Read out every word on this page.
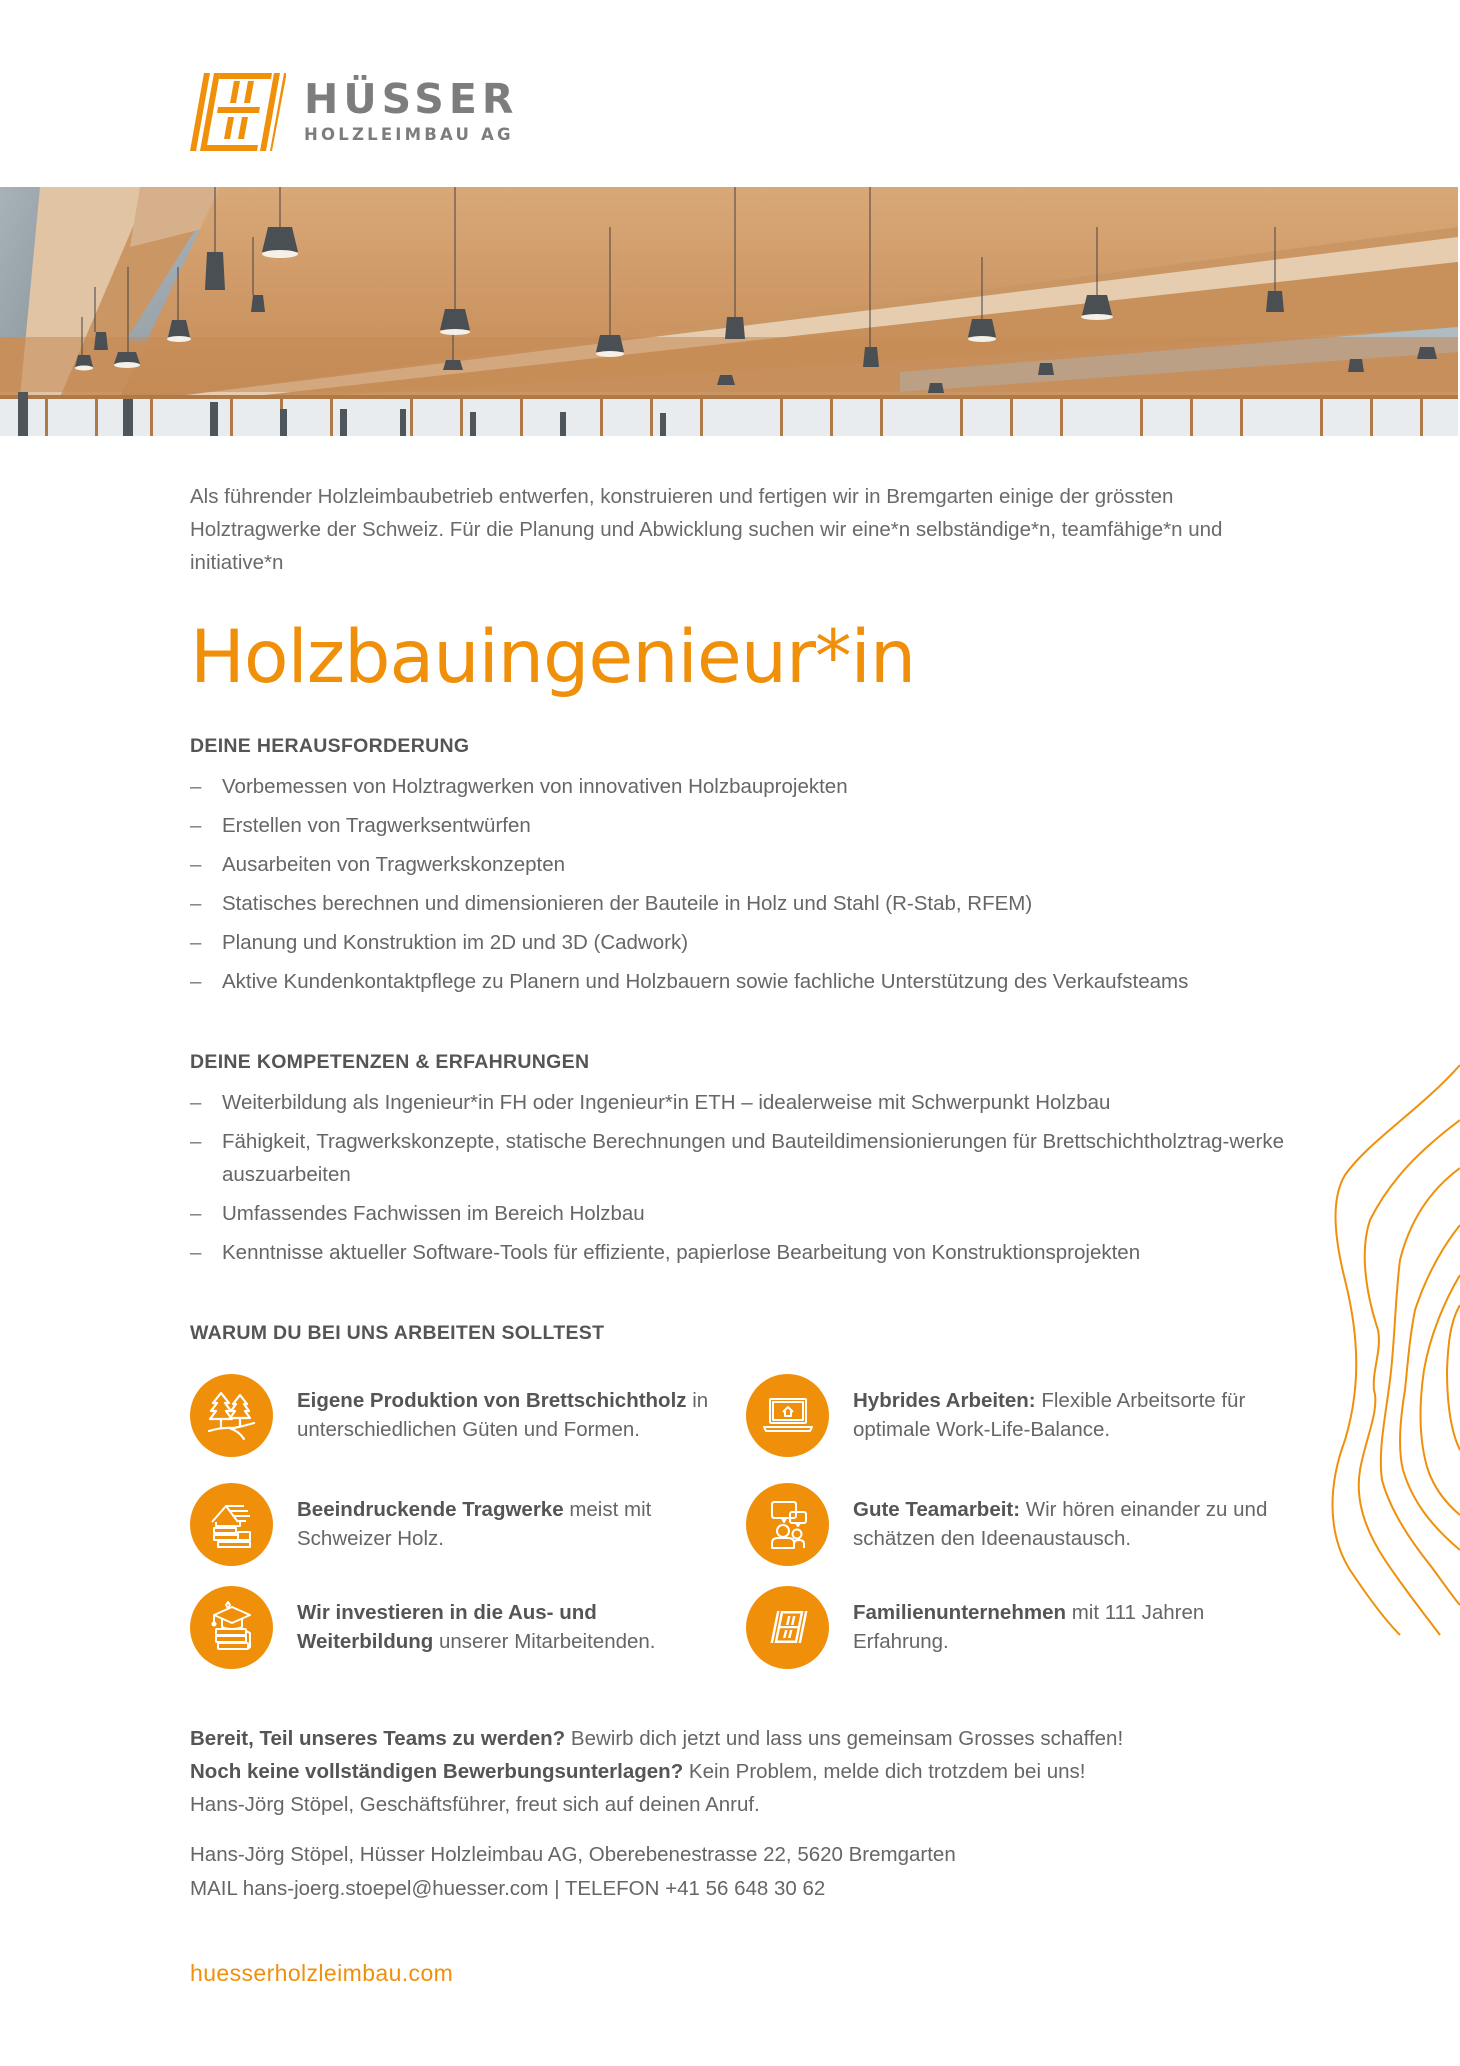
HÜSSER
HOLZLEIMBAU AG

Als führender Holzleimbaubetrieb entwerfen, konstruieren und fertigen wir in Bremgarten einige der grössten Holztragwerke der Schweiz. Für die Planung und Abwicklung suchen wir eine*n selbständige*n, teamfähige*n und initiative*n

Holzbauingenieur*in
DEINE HERAUSFORDERUNG
– Vorbemessen von Holztragwerken von innovativen Holzbauprojekten
– Erstellen von Tragwerksentwürfen
– Ausarbeiten von Tragwerkskonzepten
– Statisches berechnen und dimensionieren der Bauteile in Holz und Stahl (R-Stab, RFEM)
– Planung und Konstruktion im 2D und 3D (Cadwork)
– Aktive Kundenkontaktpflege zu Planern und Holzbauern sowie fachliche Unterstützung des Verkaufsteams
DEINE KOMPETENZEN & ERFAHRUNGEN
– Weiterbildung als Ingenieur*in FH oder Ingenieur*in ETH – idealerweise mit Schwerpunkt Holzbau
– Fähigkeit, Tragwerkskonzepte, statische Berechnungen und Bauteildimensionierungen für Brettschichtholztrag-werke auszuarbeiten
– Umfassendes Fachwissen im Bereich Holzbau
– Kenntnisse aktueller Software-Tools für effiziente, papierlose Bearbeitung von Konstruktionsprojekten
WARUM DU BEI UNS ARBEITEN SOLLTEST
Eigene Produktion von Brettschichtholz in unterschiedlichen Güten und Formen.
Hybrides Arbeiten: Flexible Arbeitsorte für optimale Work-Life-Balance.
Beeindruckende Tragwerke meist mit Schweizer Holz.
Gute Teamarbeit: Wir hören einander zu und schätzen den Ideenaustausch.
Wir investieren in die Aus- und Weiterbildung unserer Mitarbeitenden.
Familienunternehmen mit 111 Jahren Erfahrung.
Bereit, Teil unseres Teams zu werden? Bewirb dich jetzt und lass uns gemeinsam Grosses schaffen!
Noch keine vollständigen Bewerbungsunterlagen? Kein Problem, melde dich trotzdem bei uns!
Hans-Jörg Stöpel, Geschäftsführer, freut sich auf deinen Anruf.
Hans-Jörg Stöpel, Hüsser Holzleimbau AG, Oberebenestrasse 22, 5620 Bremgarten
MAIL hans-joerg.stoepel@huesser.com | TELEFON +41 56 648 30 62
huesserholzleimbau.com
